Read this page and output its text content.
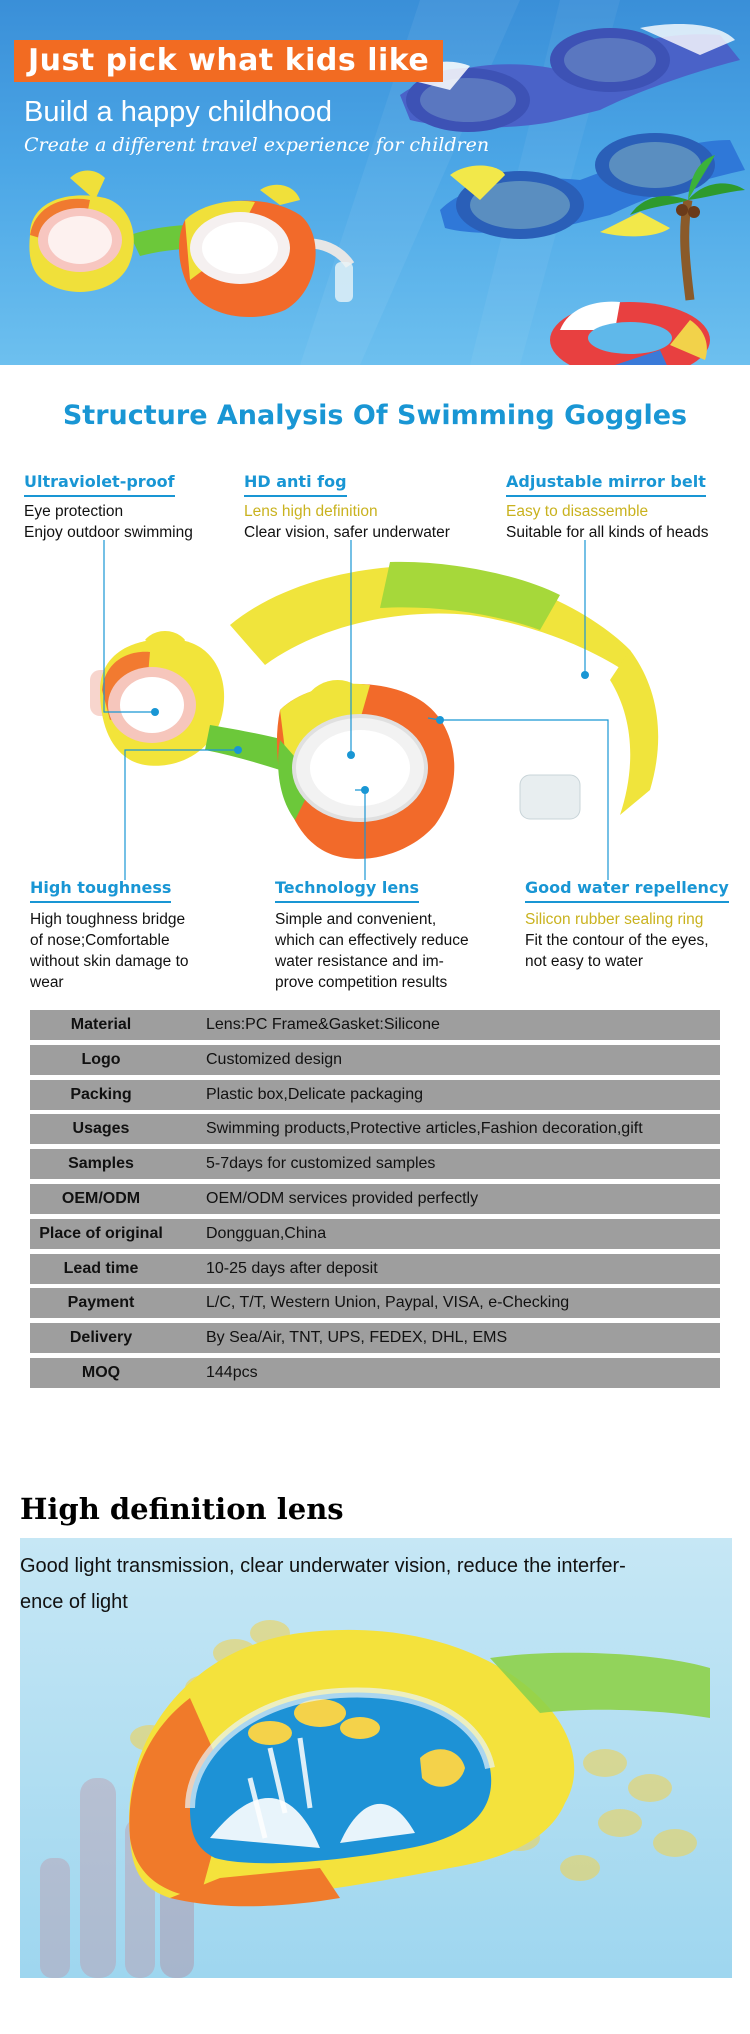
Just pick what kids like
Build a happy childhood
Create a different travel experience for children
Structure Analysis Of Swimming Goggles
Ultraviolet-proof
Eye protection
Enjoy outdoor swimming
HD anti fog
Lens high definition
Clear vision, safer underwater
Adjustable mirror belt
Easy to disassemble
Suitable for all kinds of heads
High toughness
High toughness bridge
of nose;Comfortable
without skin damage to
wear
Technology lens
Simple and convenient,
which can effectively reduce
water resistance and im-
prove competition results
Good water repellency
Silicon rubber sealing ring
Fit the contour of the eyes,
not easy to water
Material	Lens:PC Frame&Gasket:Silicone
Logo	Customized design
Packing	Plastic box,Delicate packaging
Usages	Swimming products,Protective articles,Fashion decoration,gift
Samples	5-7days for customized samples
OEM/ODM	OEM/ODM services provided perfectly
Place of original	Dongguan,China
Lead time	10-25 days after deposit
Payment	L/C, T/T, Western Union, Paypal, VISA, e-Checking
Delivery	By Sea/Air, TNT, UPS, FEDEX, DHL, EMS
MOQ	144pcs
High definition lens
Good light transmission, clear underwater vision, reduce the interfer-
ence of light
